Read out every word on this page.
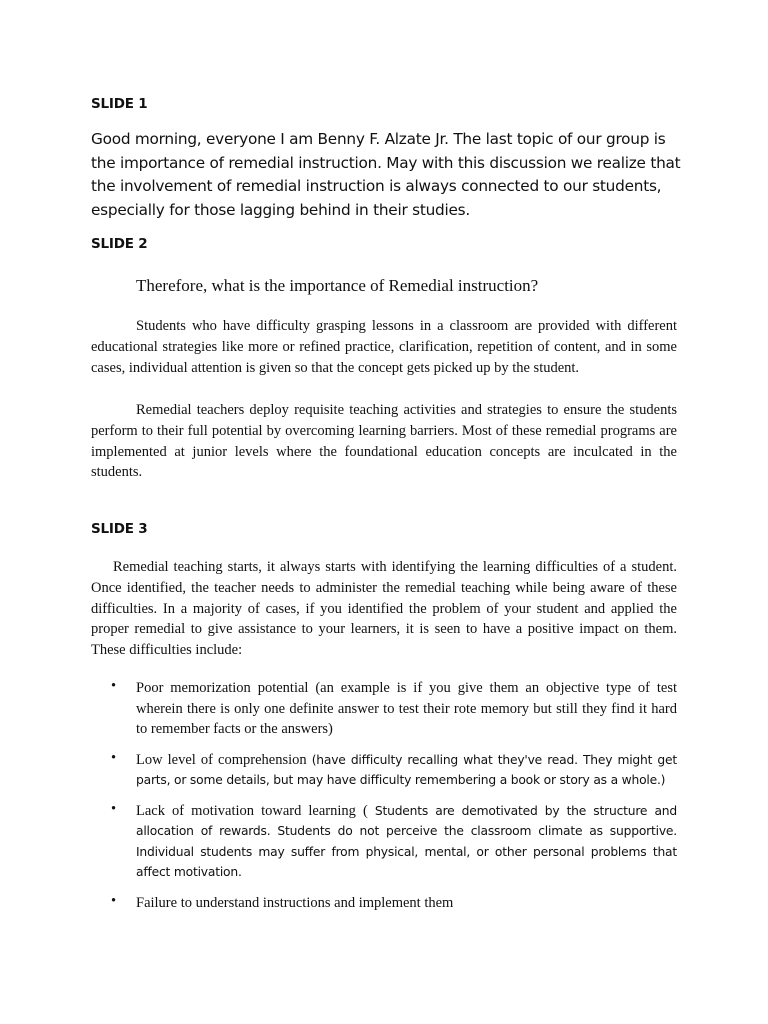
SLIDE 1

Good morning, everyone I am Benny F. Alzate Jr. The last topic of our group is the importance of remedial instruction. May with this discussion we realize that the involvement of remedial instruction is always connected to our students, especially for those lagging behind in their studies.

SLIDE 2

Therefore, what is the importance of Remedial instruction?

Students who have difficulty grasping lessons in a classroom are provided with different educational strategies like more or refined practice, clarification, repetition of content, and in some cases, individual attention is given so that the concept gets picked up by the student.

Remedial teachers deploy requisite teaching activities and strategies to ensure the students perform to their full potential by overcoming learning barriers. Most of these remedial programs are implemented at junior levels where the foundational education concepts are inculcated in the students.

SLIDE 3

Remedial teaching starts, it always starts with identifying the learning difficulties of a student. Once identified, the teacher needs to administer the remedial teaching while being aware of these difficulties. In a majority of cases, if you identified the problem of your student and applied the proper remedial to give assistance to your learners, it is seen to have a positive impact on them. These difficulties include:

• Poor memorization potential (an example is if you give them an objective type of test wherein there is only one definite answer to test their rote memory but still they find it hard to remember facts or the answers)
• Low level of comprehension (have difficulty recalling what they've read. They might get parts, or some details, but may have difficulty remembering a book or story as a whole.)
• Lack of motivation toward learning ( Students are demotivated by the structure and allocation of rewards. Students do not perceive the classroom climate as supportive. Individual students may suffer from physical, mental, or other personal problems that affect motivation.
• Failure to understand instructions and implement them
